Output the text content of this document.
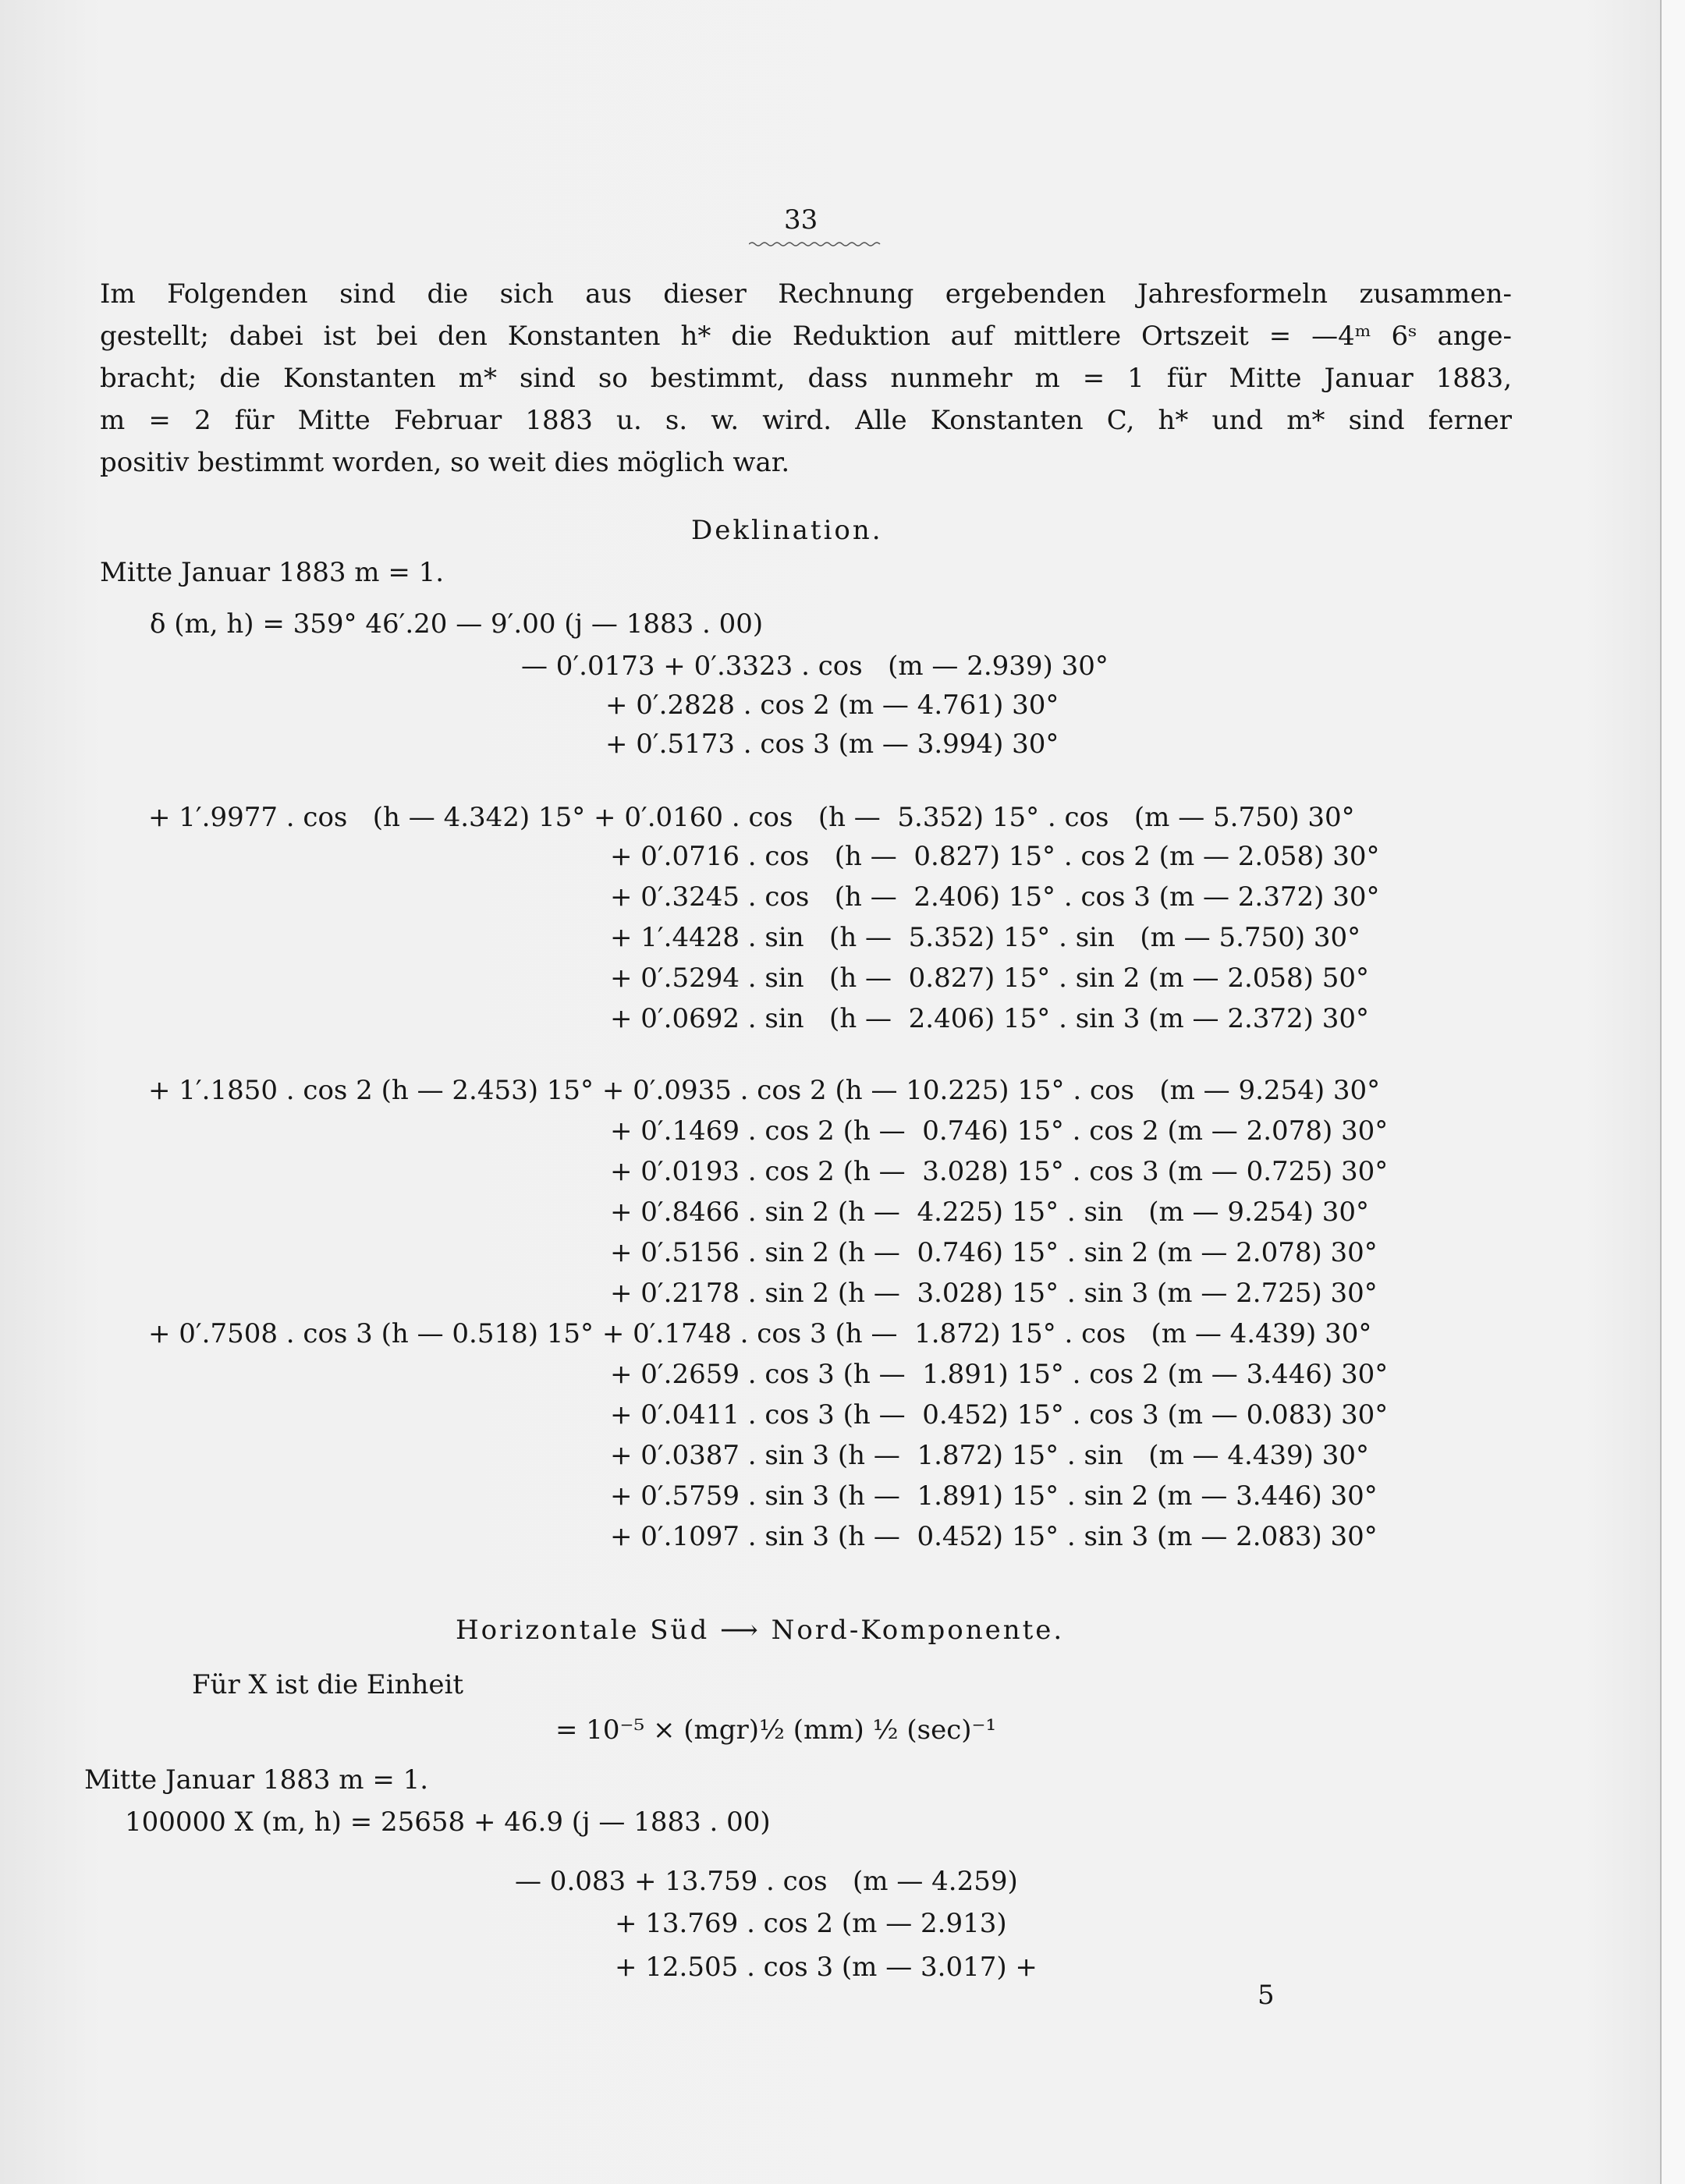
33
Im Folgenden sind die sich aus dieser Rechnung ergebenden Jahresformeln zusammen-
gestellt; dabei ist bei den Konstanten h* die Reduktion auf mittlere Ortszeit = —4ᵐ 6ˢ ange-
bracht; die Konstanten m* sind so bestimmt, dass nunmehr m = 1 für Mitte Januar 1883,
m = 2 für Mitte Februar 1883 u. s. w. wird. Alle Konstanten C, h* und m* sind ferner
positiv bestimmt worden, so weit dies möglich war.
Deklination.
Mitte Januar 1883 m = 1.
δ (m, h) = 359° 46′.20 — 9′.00 (j — 1883 . 00)
— 0′.0173 + 0′.3323 . cos   (m — 2.939) 30°
+ 0′.2828 . cos 2 (m — 4.761) 30°
+ 0′.5173 . cos 3 (m — 3.994) 30°
+ 1′.9977 . cos   (h — 4.342) 15° + 0′.0160 . cos   (h —  5.352) 15° . cos   (m — 5.750) 30°
+ 0′.0716 . cos   (h —  0.827) 15° . cos 2 (m — 2.058) 30°
+ 0′.3245 . cos   (h —  2.406) 15° . cos 3 (m — 2.372) 30°
+ 1′.4428 . sin   (h —  5.352) 15° . sin   (m — 5.750) 30°
+ 0′.5294 . sin   (h —  0.827) 15° . sin 2 (m — 2.058) 50°
+ 0′.0692 . sin   (h —  2.406) 15° . sin 3 (m — 2.372) 30°
+ 1′.1850 . cos 2 (h — 2.453) 15° + 0′.0935 . cos 2 (h — 10.225) 15° . cos   (m — 9.254) 30°
+ 0′.1469 . cos 2 (h —  0.746) 15° . cos 2 (m — 2.078) 30°
+ 0′.0193 . cos 2 (h —  3.028) 15° . cos 3 (m — 0.725) 30°
+ 0′.8466 . sin 2 (h —  4.225) 15° . sin   (m — 9.254) 30°
+ 0′.5156 . sin 2 (h —  0.746) 15° . sin 2 (m — 2.078) 30°
+ 0′.2178 . sin 2 (h —  3.028) 15° . sin 3 (m — 2.725) 30°
+ 0′.7508 . cos 3 (h — 0.518) 15° + 0′.1748 . cos 3 (h —  1.872) 15° . cos   (m — 4.439) 30°
+ 0′.2659 . cos 3 (h —  1.891) 15° . cos 2 (m — 3.446) 30°
+ 0′.0411 . cos 3 (h —  0.452) 15° . cos 3 (m — 0.083) 30°
+ 0′.0387 . sin 3 (h —  1.872) 15° . sin   (m — 4.439) 30°
+ 0′.5759 . sin 3 (h —  1.891) 15° . sin 2 (m — 3.446) 30°
+ 0′.1097 . sin 3 (h —  0.452) 15° . sin 3 (m — 2.083) 30°
Horizontale Süd ⟶ Nord-Komponente.
Für X ist die Einheit
= 10⁻⁵ × (mgr)½ (mm) ½ (sec)⁻¹
Mitte Januar 1883 m = 1.
100000 X (m, h) = 25658 + 46.9 (j — 1883 . 00)
— 0.083 + 13.759 . cos   (m — 4.259)
+ 13.769 . cos 2 (m — 2.913)
+ 12.505 . cos 3 (m — 3.017) +
5
